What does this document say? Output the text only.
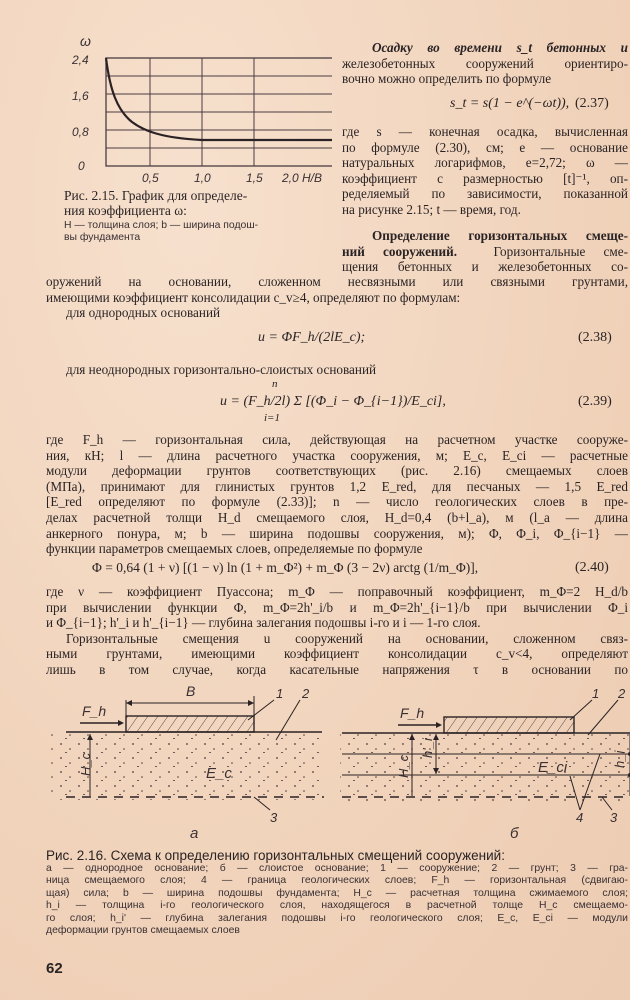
ω
2,4
1,6
0,8
0
0,5	1,0	1,5 2,0 H/B
Рис. 2.15. График для определе-
ния коэффициента ω:
H — толщина слоя; b — ширина подош-
вы фундамента
Осадку во времени s_t бетонных и
железобетонных сооружений ориентиро-
вочно можно определить по формуле
s_t = s(1 − e^(−ωt)), (2.37)
где s — конечная осадка, вычисленная
по формуле (2.30), см; e — основание
натуральных логарифмов, e=2,72; ω —
коэффициент с размерностью [t]⁻¹, оп-
ределяемый по зависимости, показанной
на рисунке 2.15; t — время, год.
Определение горизонтальных смеще-
ний сооружений.	Горизонтальные сме-
щения бетонных и железобетонных со-
оружений на основании, сложенном несвязными или связными грунтами,
имеющими коэффициент консолидации c_v≥4, определяют по формулам:
для однородных оснований
u = ΦF_h/(2lE_c);	(2.38)
для неоднородных горизонтально-слоистых оснований
n
u = (F_h/2l) Σ [(Φ_i − Φ_{i−1})/E_ci],
i=1
(2.39)
где F_h — горизонтальная сила, действующая на расчетном участке сооруже-
ния, кН; l — длина расчетного участка сооружения, м; E_c, E_ci — расчетные
модули деформации грунтов соответствующих (рис. 2.16) смещаемых слоев
(МПа), принимают для глинистых грунтов 1,2 E_red, для песчаных — 1,5 E_red
[E_red определяют по формуле (2.33)]; n — число геологических слоев в пре-
делах расчетной толщи H_d смещаемого слоя, H_d=0,4 (b+l_a), м (l_a — длина
анкерного понура, м; b — ширина подошвы сооружения, м); Φ, Φ_i, Φ_{i−1} —
функции параметров смещаемых слоев, определяемые по формуле
Φ = 0,64 (1 + ν) [(1 − ν) ln (1 + m_Φ²) + m_Φ (3 − 2ν) arctg (1/m_Φ)],	(2.40)
где ν — коэффициент Пуассона; m_Φ — поправочный коэффициент, m_Φ=2 H_d/b
при вычислении функции Φ, m_Φ=2h'_i/b и m_Φ=2h'_{i−1}/b при вычислении Φ_i
и Φ_{i−1}; h'_i и h'_{i−1} — глубина залегания подошвы i-го и i — 1-го слоя.
Горизонтальные смещения u сооружений на основании, сложенном связ-
ными грунтами, имеющими коэффициент консолидации c_v<4, определяют
лишь в том случае, когда касательные напряжения τ в основании по
B
F_h
1 2
3
E_c
H_c
а
F_h
1 2
3
4
E_ci
H_c
h'_i
h_i
б
Рис. 2.16. Схема к определению горизонтальных смещений сооружений:
а — однородное основание; б — слоистое основание; 1 — сооружение; 2 — грунт; 3 — гра-
ница смещаемого слоя; 4 — граница геологических слоев; F_h — горизонтальная (сдвигаю-
щая) сила; b — ширина подошвы фундамента; H_c — расчетная толщина сжимаемого слоя;
h_i — толщина i-го геологического слоя, находящегося в расчетной толще H_c смещаемо-
го слоя; h_i' — глубина залегания подошвы i-го геологического слоя; E_c, E_ci — модули
деформации грунтов смещаемых слоев
62
